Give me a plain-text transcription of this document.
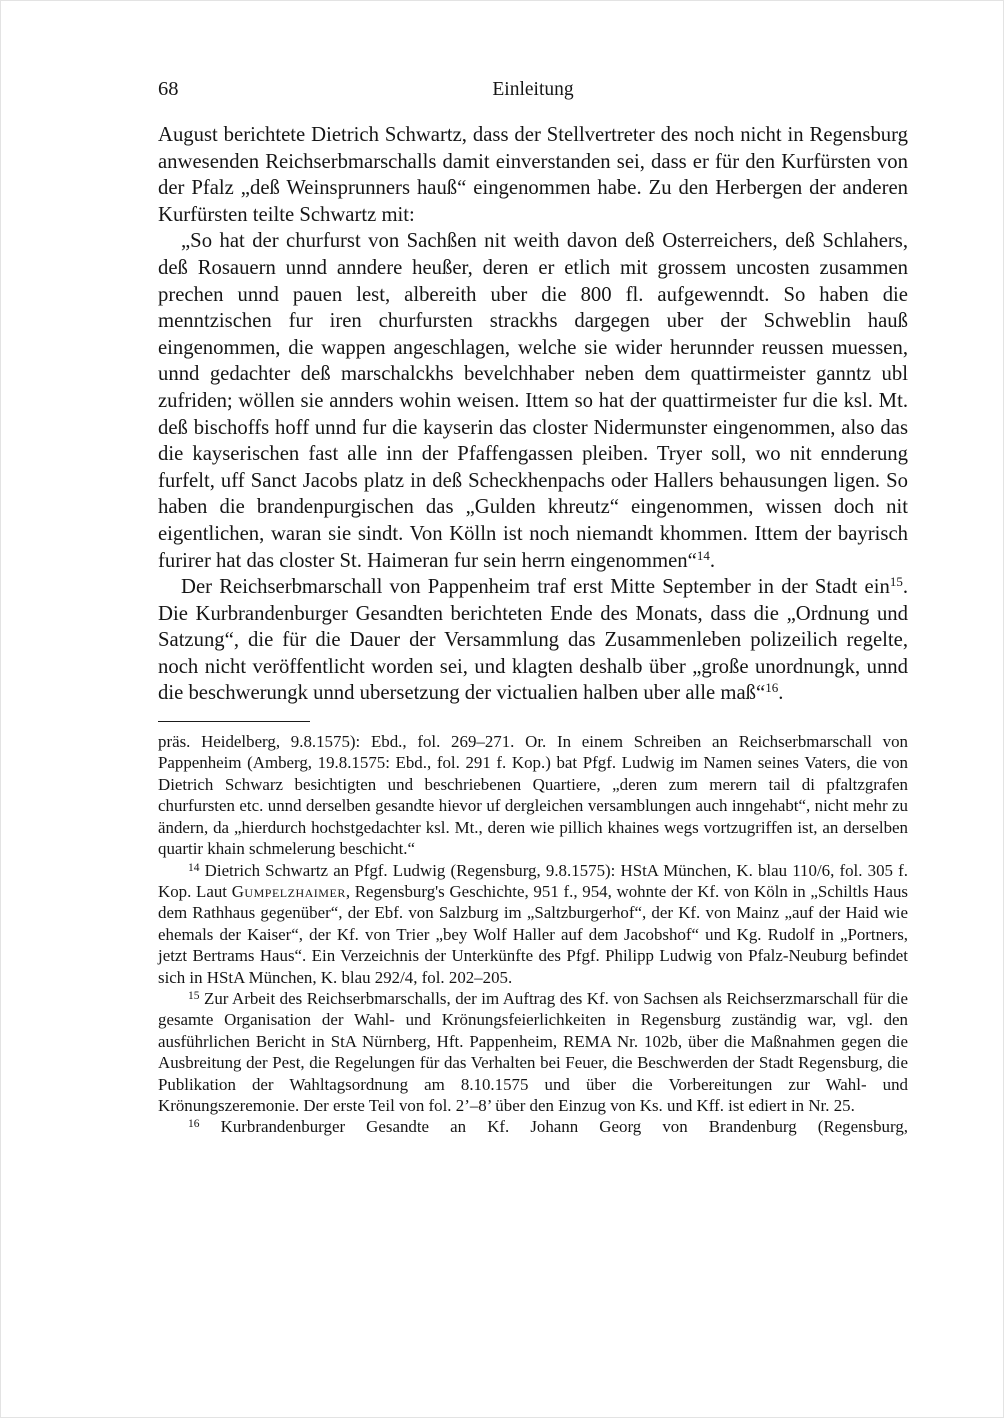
68	Einleitung

August berichtete Dietrich Schwartz, dass der Stellvertreter des noch nicht in Regensburg anwesenden Reichserbmarschalls damit einverstanden sei, dass er für den Kurfürsten von der Pfalz „deß Weinsprunners hauß“ eingenommen habe. Zu den Herbergen der anderen Kurfürsten teilte Schwartz mit:

„So hat der churfurst von Sachßen nit weith davon deß Osterreichers, deß Schlahers, deß Rosauern unnd anndere heußer, deren er etlich mit grossem uncosten zusammen prechen unnd pauen lest, albereith uber die 800 fl. aufgewenndt. So haben die menntzischen fur iren churfursten strackhs dargegen uber der Schweblin hauß eingenommen, die wappen angeschlagen, welche sie wider herunnder reussen muessen, unnd gedachter deß marschalckhs bevelchhaber neben dem quattirmeister ganntz ubl zufriden; wöllen sie annders wohin weisen. Ittem so hat der quattirmeister fur die ksl. Mt. deß bischoffs hoff unnd fur die kayserin das closter Nidermunster eingenommen, also das die kayserischen fast alle inn der Pfaffengassen pleiben. Tryer soll, wo nit ennderung furfelt, uff Sanct Jacobs platz in deß Scheckhenpachs oder Hallers behausungen ligen. So haben die brandenpurgischen das „Gulden khreutz“ eingenommen, wissen doch nit eigentlichen, waran sie sindt. Von Kölln ist noch niemandt khommen. Ittem der bayrisch furirer hat das closter St. Haimeran fur sein herrn eingenommen“$^{14}$.

Der Reichserbmarschall von Pappenheim traf erst Mitte September in der Stadt ein$^{15}$. Die Kurbrandenburger Gesandten berichteten Ende des Monats, dass die „Ordnung und Satzung“, die für die Dauer der Versammlung das Zusammenleben polizeilich regelte, noch nicht veröffentlicht worden sei, und klagten deshalb über „große unordnungk, unnd die beschwerungk unnd ubersetzung der victualien halben uber alle maß“$^{16}$.

präs. Heidelberg, 9.8.1575): Ebd., fol. 269–271. Or. In einem Schreiben an Reichserbmarschall von Pappenheim (Amberg, 19.8.1575: Ebd., fol. 291 f. Kop.) bat Pfgf. Ludwig im Namen seines Vaters, die von Dietrich Schwarz besichtigten und beschriebenen Quartiere, „deren zum merern tail di pfaltzgrafen churfursten etc. unnd derselben gesandte hievor uf dergleichen versamblungen auch inngehabt“, nicht mehr zu ändern, da „hierdurch hochstgedachter ksl. Mt., deren wie pillich khaines wegs vortzugriffen ist, an derselben quartir khain schmelerung beschicht.“

$^{14}$ Dietrich Schwartz an Pfgf. Ludwig (Regensburg, 9.8.1575): HStA München, K. blau 110/6, fol. 305 f. Kop. Laut Gumpelzhaimer, Regensburg's Geschichte, 951 f., 954, wohnte der Kf. von Köln in „Schiltls Haus dem Rathhaus gegenüber“, der Ebf. von Salzburg im „Saltzburgerhof“, der Kf. von Mainz „auf der Haid wie ehemals der Kaiser“, der Kf. von Trier „bey Wolf Haller auf dem Jacobshof“ und Kg. Rudolf in „Portners, jetzt Bertrams Haus“. Ein Verzeichnis der Unterkünfte des Pfgf. Philipp Ludwig von Pfalz-Neuburg befindet sich in HStA München, K. blau 292/4, fol. 202–205.

$^{15}$ Zur Arbeit des Reichserbmarschalls, der im Auftrag des Kf. von Sachsen als Reichserzmarschall für die gesamte Organisation der Wahl- und Krönungsfeierlichkeiten in Regensburg zuständig war, vgl. den ausführlichen Bericht in StA Nürnberg, Hft. Pappenheim, REMA Nr. 102b, über die Maßnahmen gegen die Ausbreitung der Pest, die Regelungen für das Verhalten bei Feuer, die Beschwerden der Stadt Regensburg, die Publikation der Wahltagsordnung am 8.10.1575 und über die Vorbereitungen zur Wahl- und Krönungszeremonie. Der erste Teil von fol. 2’–8’ über den Einzug von Ks. und Kff. ist ediert in Nr. 25.

$^{16}$ Kurbrandenburger Gesandte an Kf. Johann Georg von Brandenburg (Regensburg,
